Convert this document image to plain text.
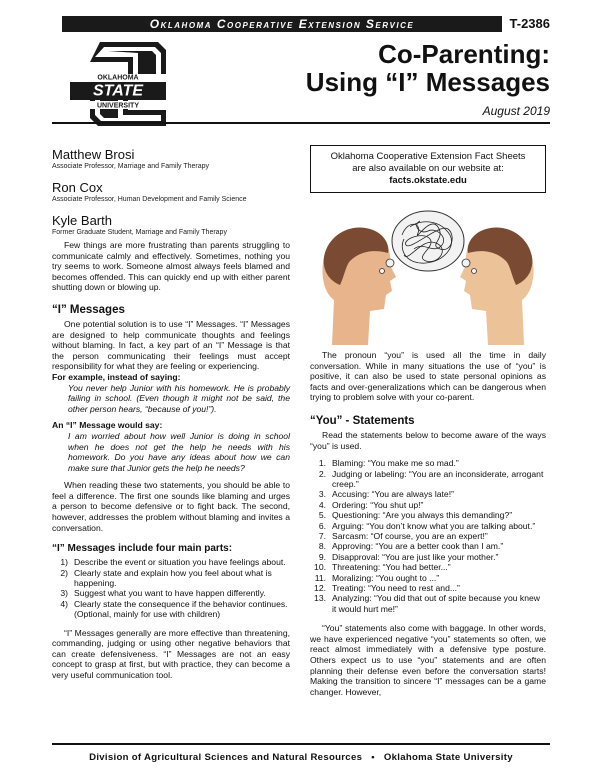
Oklahoma Cooperative Extension Service	T-2386
OKLAHOMA
STATE
UNIVERSITY
Co-Parenting:
Using “I” Messages
August 2019
Matthew Brosi
Associate Professor, Marriage and Family Therapy
Ron Cox
Associate Professor, Human Development and Family Science
Kyle Barth
Former Graduate Student, Marriage and Family Therapy
Few things are more frustrating than parents struggling to communicate calmly and effectively. Sometimes, nothing you try seems to work. Someone almost always feels blamed and becomes offended. This can quickly end up with either parent shutting down or blowing up.
“I” Messages
One potential solution is to use “I” Messages. “I” Messages are designed to help communicate thoughts and feelings without blaming. In fact, a key part of an “I” Message is that the person communicating their feelings must accept responsibility for what they are feeling or experiencing.
For example, instead of saying:
You never help Junior with his homework. He is probably failing in school. (Even though it might not be said, the other person hears, “because of you!”).
An “I” Message would say:
I am worried about how well Junior is doing in school when he does not get the help he needs with his homework. Do you have any ideas about how we can make sure that Junior gets the help he needs?
When reading these two statements, you should be able to feel a difference. The first one sounds like blaming and urges a person to become defensive or to fight back. The second, however, addresses the problem without blaming and invites a conversation.
“I” Messages include four main parts:
1) Describe the event or situation you have feelings about.
2) Clearly state and explain how you feel about what is happening.
3) Suggest what you want to have happen differently.
4) Clearly state the consequence if the behavior continues. (Optional, mainly for use with children)
“I” Messages generally are more effective than threatening, commanding, judging or using other negative behaviors that can create defensiveness. “I” Messages are not an easy concept to grasp at first, but with practice, they can become a very useful communication tool.
Oklahoma Cooperative Extension Fact Sheets
are also available on our website at:
facts.okstate.edu
The pronoun “you” is used all the time in daily conversation. While in many situations the use of “you” is positive, it can also be used to state personal opinions as facts and over-generalizations which can be dangerous when trying to problem solve with your co-parent.
“You” - Statements
Read the statements below to become aware of the ways “you” is used.
1. Blaming: “You make me so mad.”
2. Judging or labeling: “You are an inconsiderate, arrogant creep.”
3. Accusing: “You are always late!”
4. Ordering: “You shut up!”
5. Questioning: “Are you always this demanding?”
6. Arguing: “You don’t know what you are talking about.”
7. Sarcasm: “Of course, you are an expert!”
8. Approving: “You are a better cook than I am.”
9. Disapproval: “You are just like your mother.”
10. Threatening: “You had better...”
11. Moralizing: “You ought to ...”
12. Treating: “You need to rest and...”
13. Analyzing: “You did that out of spite because you knew it would hurt me!”
“You” statements also come with baggage. In other words, we have experienced negative “you” statements so often, we react almost immediately with a defensive type posture. Others expect us to use “you” statements and are often planning their defense even before the conversation starts! Making the transition to sincere “I” messages can be a game changer. However,
Division of Agricultural Sciences and Natural Resources • Oklahoma State University
